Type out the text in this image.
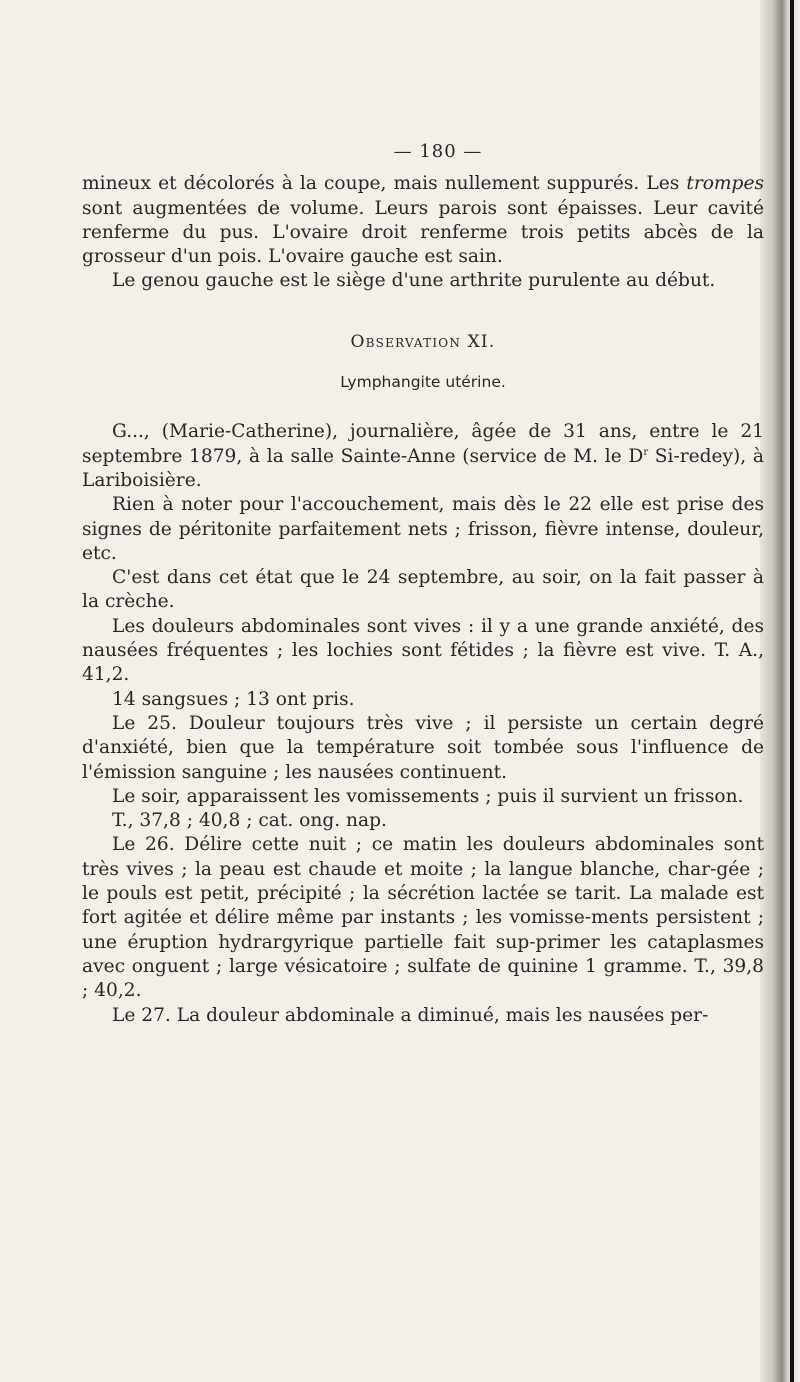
— 180 —

mineux et décolorés à la coupe, mais nullement suppurés. Les trompes sont augmentées de volume. Leurs parois sont épaisses. Leur cavité renferme du pus. L'ovaire droit renferme trois petits abcès de la grosseur d'un pois. L'ovaire gauche est sain.

Le genou gauche est le siège d'une arthrite purulente au début.

Observation XI.
Lymphangite utérine.

G..., (Marie-Catherine), journalière, âgée de 31 ans, entre le 21 septembre 1879, à la salle Sainte-Anne (service de M. le $D^r$ Si-redey), à Lariboisière.

Rien à noter pour l'accouchement, mais dès le 22 elle est prise des signes de péritonite parfaitement nets ; frisson, fièvre intense, douleur, etc.

C'est dans cet état que le 24 septembre, au soir, on la fait passer à la crèche.

Les douleurs abdominales sont vives : il y a une grande anxiété, des nausées fréquentes ; les lochies sont fétides ; la fièvre est vive. T. A., 41,2.

14 sangsues ; 13 ont pris.

Le 25. Douleur toujours très vive ; il persiste un certain degré d'anxiété, bien que la température soit tombée sous l'influence de l'émission sanguine ; les nausées continuent.

Le soir, apparaissent les vomissements ; puis il survient un frisson.

T., 37,8 ; 40,8 ; cat. ong. nap.

Le 26. Délire cette nuit ; ce matin les douleurs abdominales sont très vives ; la peau est chaude et moite ; la langue blanche, char-gée ; le pouls est petit, précipité ; la sécrétion lactée se tarit. La malade est fort agitée et délire même par instants ; les vomisse-ments persistent ; une éruption hydrargyrique partielle fait sup-primer les cataplasmes avec onguent ; large vésicatoire ; sulfate de quinine 1 gramme. T., 39,8 ; 40,2.

Le 27. La douleur abdominale a diminué, mais les nausées per-
